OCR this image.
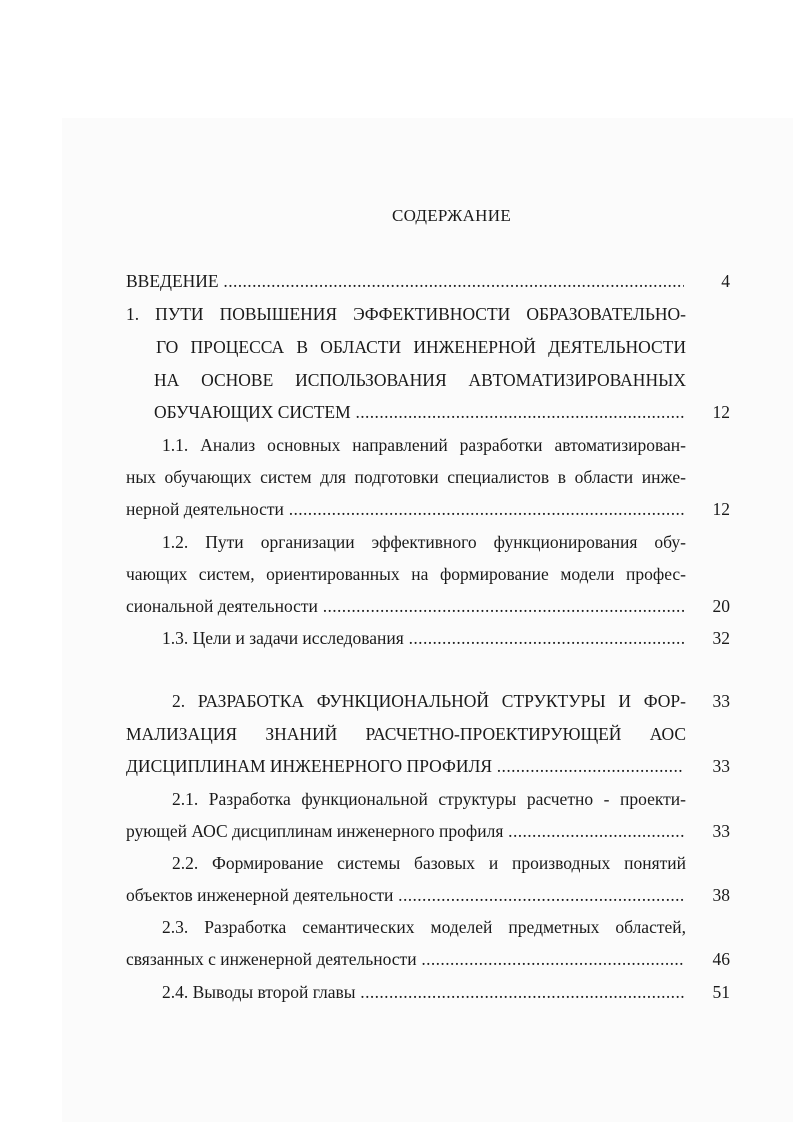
СОДЕРЖАНИЕ
ВВЕДЕНИЕ .....	4
1. ПУТИ ПОВЫШЕНИЯ ЭФФЕКТИВНОСТИ ОБРАЗОВАТЕЛЬНО-
ГО ПРОЦЕССА В ОБЛАСТИ ИНЖЕНЕРНОЙ ДЕЯТЕЛЬНОСТИ
НА ОСНОВЕ ИСПОЛЬЗОВАНИЯ АВТОМАТИЗИРОВАННЫХ
ОБУЧАЮЩИХ СИСТЕМ .....	12
1.1. Анализ основных направлений разработки автоматизирован-
ных обучающих систем для подготовки специалистов в области инже-
нерной деятельности .....	12
1.2. Пути организации эффективного функционирования обу-
чающих систем, ориентированных на формирование модели профес-
сиональной деятельности .....	20
1.3. Цели и задачи исследования .....	32
2. РАЗРАБОТКА ФУНКЦИОНАЛЬНОЙ СТРУКТУРЫ И ФОР-	33
МАЛИЗАЦИЯ ЗНАНИЙ РАСЧЕТНО-ПРОЕКТИРУЮЩЕЙ АОС
ДИСЦИПЛИНАМ ИНЖЕНЕРНОГО ПРОФИЛЯ .....	33
2.1. Разработка функциональной структуры расчетно - проекти-
рующей АОС дисциплинам инженерного профиля .....	33
2.2. Формирование системы базовых и производных понятий
объектов инженерной деятельности .....	38
2.3. Разработка семантических моделей предметных областей,
связанных с инженерной деятельности .....	46
2.4. Выводы второй главы .....	51
